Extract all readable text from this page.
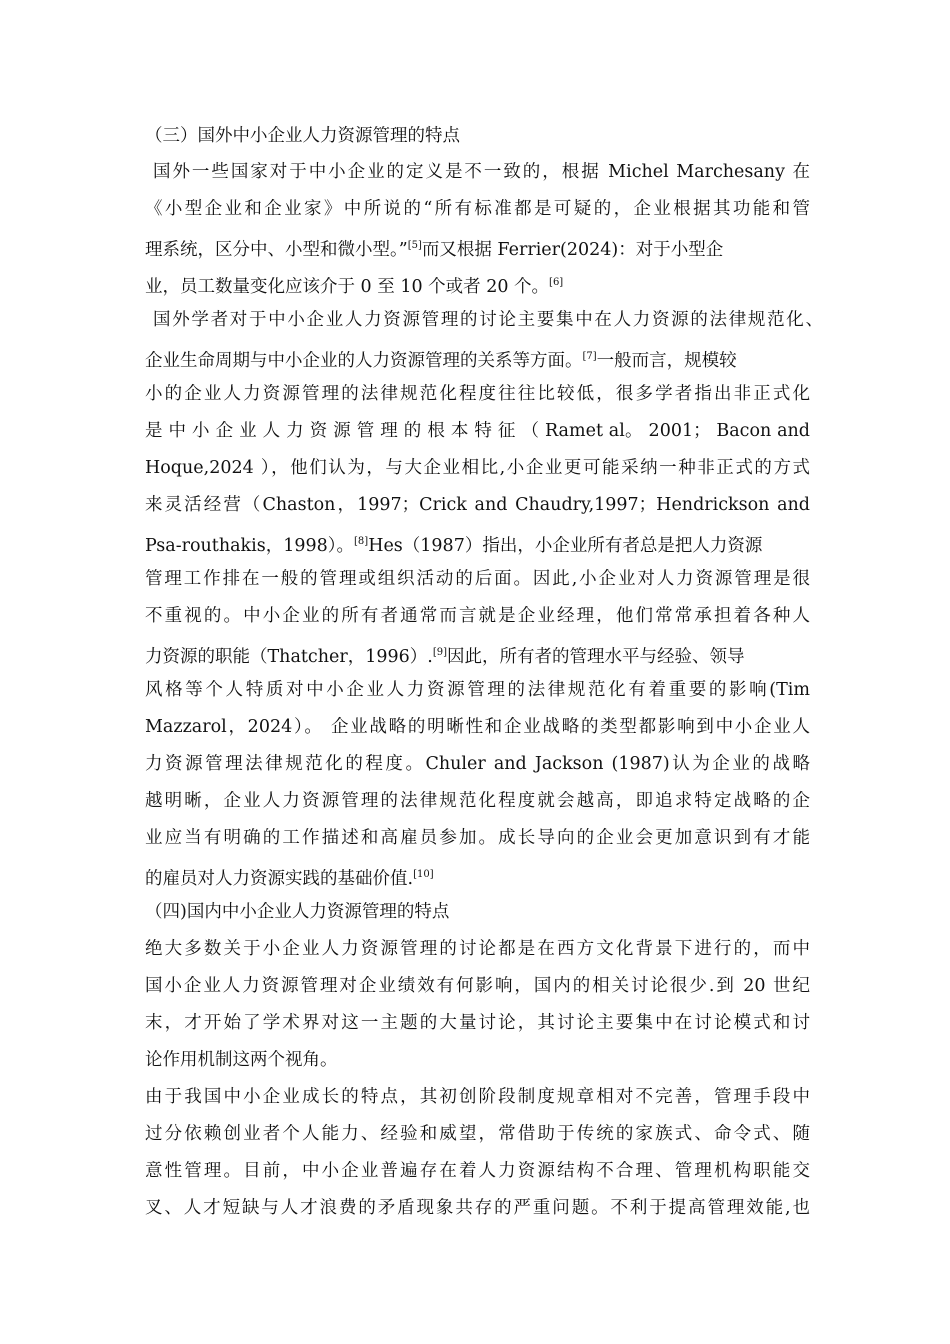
（三）国外中小企业人力资源管理的特点
国外一些国家对于中小企业的定义是不一致的，根据 Michel Marchesany 在
《小型企业和企业家》中所说的“所有标准都是可疑的，企业根据其功能和管
理系统，区分中、小型和微小型。”[5]而又根据 Ferrier(2024)：对于小型企
业，员工数量变化应该介于 0 至 10 个或者 20 个。[6]
国外学者对于中小企业人力资源管理的讨论主要集中在人力资源的法律规范化、
企业生命周期与中小企业的人力资源管理的关系等方面。[7]一般而言，规模较
小的企业人力资源管理的法律规范化程度往往比较低，很多学者指出非正式化
是 中 小 企 业 人 力 资 源 管 理 的 根 本 特 征 （ Ramet al。 2001； Bacon and
Hoque,2024 ），他们认为，与大企业相比,小企业更可能采纳一种非正式的方式
来灵活经营（Chaston，1997；Crick and Chaudry,1997；Hendrickson and
Psa-routhakis，1998）。[8]Hes（1987）指出，小企业所有者总是把人力资源
管理工作排在一般的管理或组织活动的后面。因此,小企业对人力资源管理是很
不重视的。中小企业的所有者通常而言就是企业经理，他们常常承担着各种人
力资源的职能（Thatcher，1996）.[9]因此，所有者的管理水平与经验、领导
风格等个人特质对中小企业人力资源管理的法律规范化有着重要的影响(Tim
Mazzarol，2024）。 企业战略的明晰性和企业战略的类型都影响到中小企业人
力资源管理法律规范化的程度。Chuler and Jackson (1987)认为企业的战略
越明晰，企业人力资源管理的法律规范化程度就会越高，即追求特定战略的企
业应当有明确的工作描述和高雇员参加。成长导向的企业会更加意识到有才能
的雇员对人力资源实践的基础价值.[10]
（四)国内中小企业人力资源管理的特点
绝大多数关于小企业人力资源管理的讨论都是在西方文化背景下进行的，而中
国小企业人力资源管理对企业绩效有何影响，国内的相关讨论很少.到 20 世纪
末，才开始了学术界对这一主题的大量讨论，其讨论主要集中在讨论模式和讨
论作用机制这两个视角。
由于我国中小企业成长的特点，其初创阶段制度规章相对不完善，管理手段中
过分依赖创业者个人能力、经验和威望，常借助于传统的家族式、命令式、随
意性管理。目前，中小企业普遍存在着人力资源结构不合理、管理机构职能交
叉、人才短缺与人才浪费的矛盾现象共存的严重问题。不利于提高管理效能,也
